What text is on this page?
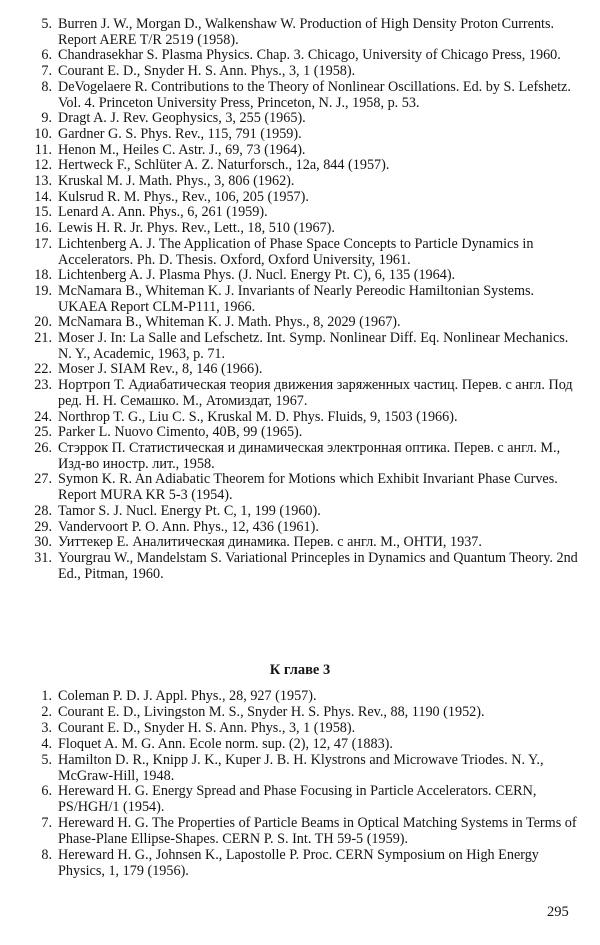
5. Burren J. W., Morgan D., Walkenshaw W. Production of High Density Proton Currents. Report AERE T/R 2519 (1958).
6. Chandrasekhar S. Plasma Physics. Chap. 3. Chicago, University of Chicago Press, 1960.
7. Courant E. D., Snyder H. S. Ann. Phys., 3, 1 (1958).
8. DeVogelaere R. Contributions to the Theory of Nonlinear Oscillations. Ed. by S. Lefshetz. Vol. 4. Princeton University Press, Princeton, N. J., 1958, p. 53.
9. Dragt A. J. Rev. Geophysics, 3, 255 (1965).
10. Gardner G. S. Phys. Rev., 115, 791 (1959).
11. Henon M., Heiles C. Astr. J., 69, 73 (1964).
12. Hertweck F., Schlüter A. Z. Naturforsch., 12a, 844 (1957).
13. Kruskal M. J. Math. Phys., 3, 806 (1962).
14. Kulsrud R. M. Phys., Rev., 106, 205 (1957).
15. Lenard A. Ann. Phys., 6, 261 (1959).
16. Lewis H. R. Jr. Phys. Rev., Lett., 18, 510 (1967).
17. Lichtenberg A. J. The Application of Phase Space Concepts to Particle Dynamics in Accelerators. Ph. D. Thesis. Oxford, Oxford University, 1961.
18. Lichtenberg A. J. Plasma Phys. (J. Nucl. Energy Pt. C), 6, 135 (1964).
19. McNamara B., Whiteman K. J. Invariants of Nearly Pereodic Hamiltonian Systems. UKAEA Report CLM-P111, 1966.
20. McNamara B., Whiteman K. J. Math. Phys., 8, 2029 (1967).
21. Moser J. In: La Salle and Lefschetz. Int. Symp. Nonlinear Diff. Eq. Nonlinear Mechanics. N. Y., Academic, 1963, p. 71.
22. Moser J. SIAM Rev., 8, 146 (1966).
23. Нортроп Т. Адиабатическая теория движения заряженных частиц. Перев. с англ. Под ред. Н. Н. Семашко. М., Атомиздат, 1967.
24. Northrop T. G., Liu C. S., Kruskal M. D. Phys. Fluids, 9, 1503 (1966).
25. Parker L. Nuovo Cimento, 40B, 99 (1965).
26. Стэррок П. Статистическая и динамическая электронная оптика. Перев. с англ. М., Изд-во иностр. лит., 1958.
27. Symon K. R. An Adiabatic Theorem for Motions which Exhibit Invariant Phase Curves. Report MURA KR 5-3 (1954).
28. Tamor S. J. Nucl. Energy Pt. C, 1, 199 (1960).
29. Vandervoort P. O. Ann. Phys., 12, 436 (1961).
30. Уиттекер Е. Аналитическая динамика. Перев. с англ. М., ОНТИ, 1937.
31. Yourgrau W., Mandelstam S. Variational Princeples in Dynamics and Quantum Theory. 2nd Ed., Pitman, 1960.
К главе 3
1. Coleman P. D. J. Appl. Phys., 28, 927 (1957).
2. Courant E. D., Livingston M. S., Snyder H. S. Phys. Rev., 88, 1190 (1952).
3. Courant E. D., Snyder H. S. Ann. Phys., 3, 1 (1958).
4. Floquet A. M. G. Ann. Ecole norm. sup. (2), 12, 47 (1883).
5. Hamilton D. R., Knipp J. K., Kuper J. B. H. Klystrons and Microwave Triodes. N. Y., McGraw-Hill, 1948.
6. Hereward H. G. Energy Spread and Phase Focusing in Particle Accelerators. CERN, PS/HGH/1 (1954).
7. Hereward H. G. The Properties of Particle Beams in Optical Matching Systems in Terms of Phase-Plane Ellipse-Shapes. CERN P. S. Int. TH 59-5 (1959).
8. Hereward H. G., Johnsen K., Lapostolle P. Proc. CERN Symposium on High Energy Physics, 1, 179 (1956).
295
